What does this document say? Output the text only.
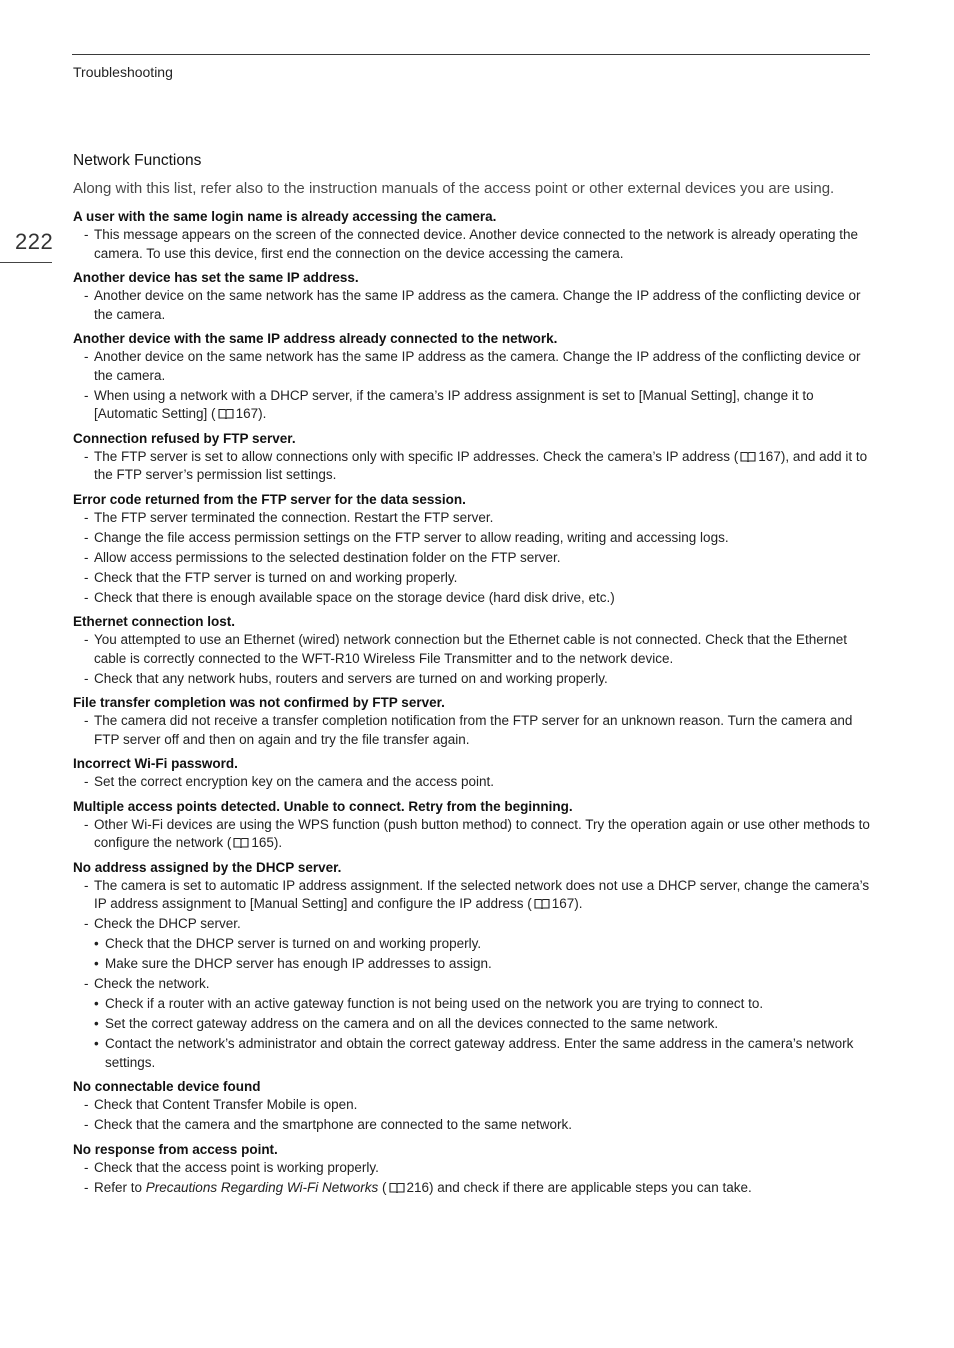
Troubleshooting
222
Network Functions
Along with this list, refer also to the instruction manuals of the access point or other external devices you are using.
A user with the same login name is already accessing the camera.
- This message appears on the screen of the connected device. Another device connected to the network is already operating the camera. To use this device, first end the connection on the device accessing the camera.
Another device has set the same IP address.
- Another device on the same network has the same IP address as the camera. Change the IP address of the conflicting device or the camera.
Another device with the same IP address already connected to the network.
- Another device on the same network has the same IP address as the camera. Change the IP address of the conflicting device or the camera.
- When using a network with a DHCP server, if the camera’s IP address assignment is set to [Manual Setting], change it to [Automatic Setting] ( 167).
Connection refused by FTP server.
- The FTP server is set to allow connections only with specific IP addresses. Check the camera’s IP address ( 167), and add it to the FTP server’s permission list settings.
Error code returned from the FTP server for the data session.
- The FTP server terminated the connection. Restart the FTP server.
- Change the file access permission settings on the FTP server to allow reading, writing and accessing logs.
- Allow access permissions to the selected destination folder on the FTP server.
- Check that the FTP server is turned on and working properly.
- Check that there is enough available space on the storage device (hard disk drive, etc.)
Ethernet connection lost.
- You attempted to use an Ethernet (wired) network connection but the Ethernet cable is not connected. Check that the Ethernet cable is correctly connected to the WFT-R10 Wireless File Transmitter and to the network device.
- Check that any network hubs, routers and servers are turned on and working properly.
File transfer completion was not confirmed by FTP server.
- The camera did not receive a transfer completion notification from the FTP server for an unknown reason. Turn the camera and FTP server off and then on again and try the file transfer again.
Incorrect Wi-Fi password.
- Set the correct encryption key on the camera and the access point.
Multiple access points detected. Unable to connect. Retry from the beginning.
- Other Wi-Fi devices are using the WPS function (push button method) to connect. Try the operation again or use other methods to configure the network ( 165).
No address assigned by the DHCP server.
- The camera is set to automatic IP address assignment. If the selected network does not use a DHCP server, change the camera’s IP address assignment to [Manual Setting] and configure the IP address ( 167).
- Check the DHCP server.
• Check that the DHCP server is turned on and working properly.
• Make sure the DHCP server has enough IP addresses to assign.
- Check the network.
• Check if a router with an active gateway function is not being used on the network you are trying to connect to.
• Set the correct gateway address on the camera and on all the devices connected to the same network.
• Contact the network’s administrator and obtain the correct gateway address. Enter the same address in the camera’s network settings.
No connectable device found
- Check that Content Transfer Mobile is open.
- Check that the camera and the smartphone are connected to the same network.
No response from access point.
- Check that the access point is working properly.
- Refer to Precautions Regarding Wi-Fi Networks ( 216) and check if there are applicable steps you can take.
